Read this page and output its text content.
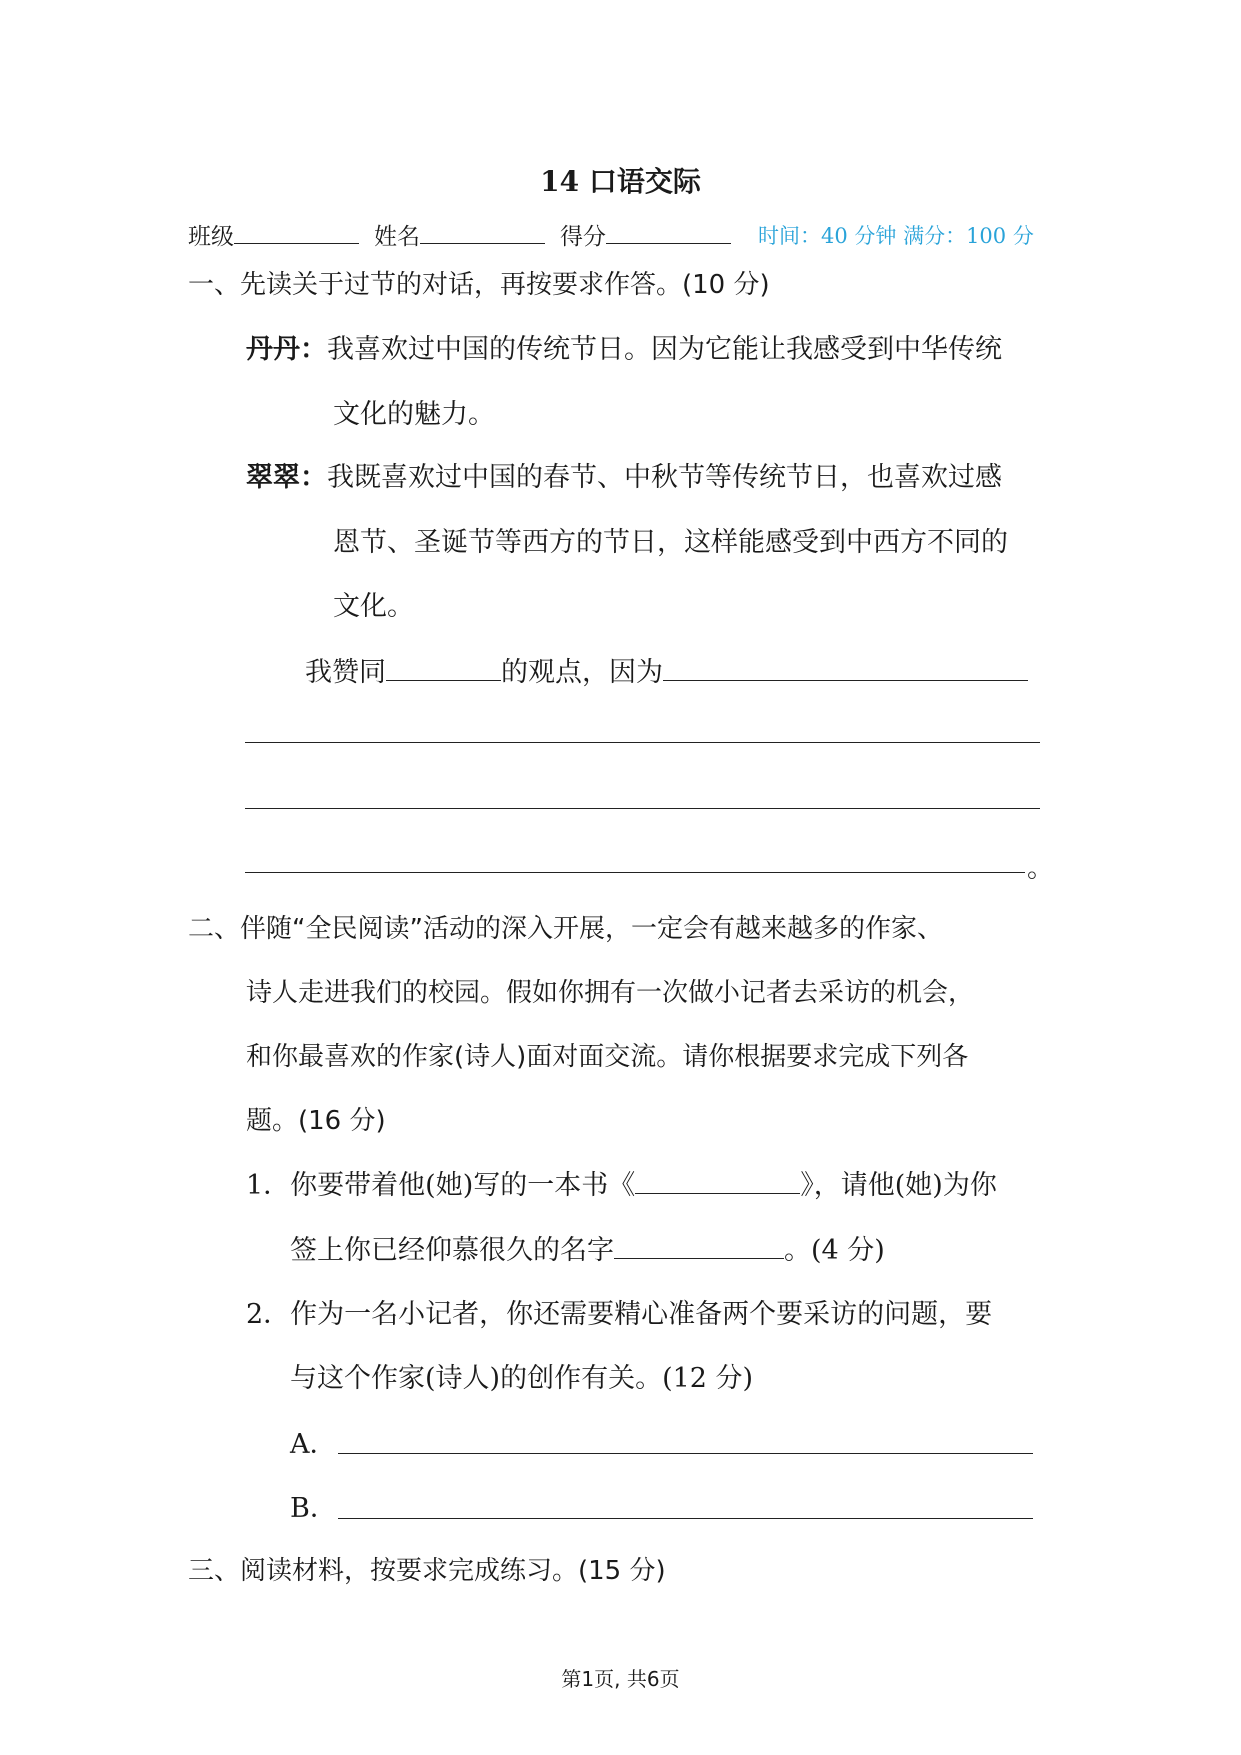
14 口语交际
班级	姓名	得分	时间：40 分钟 满分：100 分
一、先读关于过节的对话，再按要求作答。(10 分)
丹丹：我喜欢过中国的传统节日。因为它能让我感受到中华传统
文化的魅力。
翠翠：我既喜欢过中国的春节、中秋节等传统节日，也喜欢过感
恩节、圣诞节等西方的节日，这样能感受到中西方不同的
文化。
我赞同	的观点，因为
。
二、伴随“全民阅读”活动的深入开展，一定会有越来越多的作家、
诗人走进我们的校园。假如你拥有一次做小记者去采访的机会，
和你最喜欢的作家(诗人)面对面交流。请你根据要求完成下列各
题。(16 分)
1．你要带着他(她)写的一本书《	》，请他(她)为你
签上你已经仰慕很久的名字	。(4 分)
2．作为一名小记者，你还需要精心准备两个要采访的问题，要
与这个作家(诗人)的创作有关。(12 分)
A．
B．
三、阅读材料，按要求完成练习。(15 分)
第1页, 共6页
